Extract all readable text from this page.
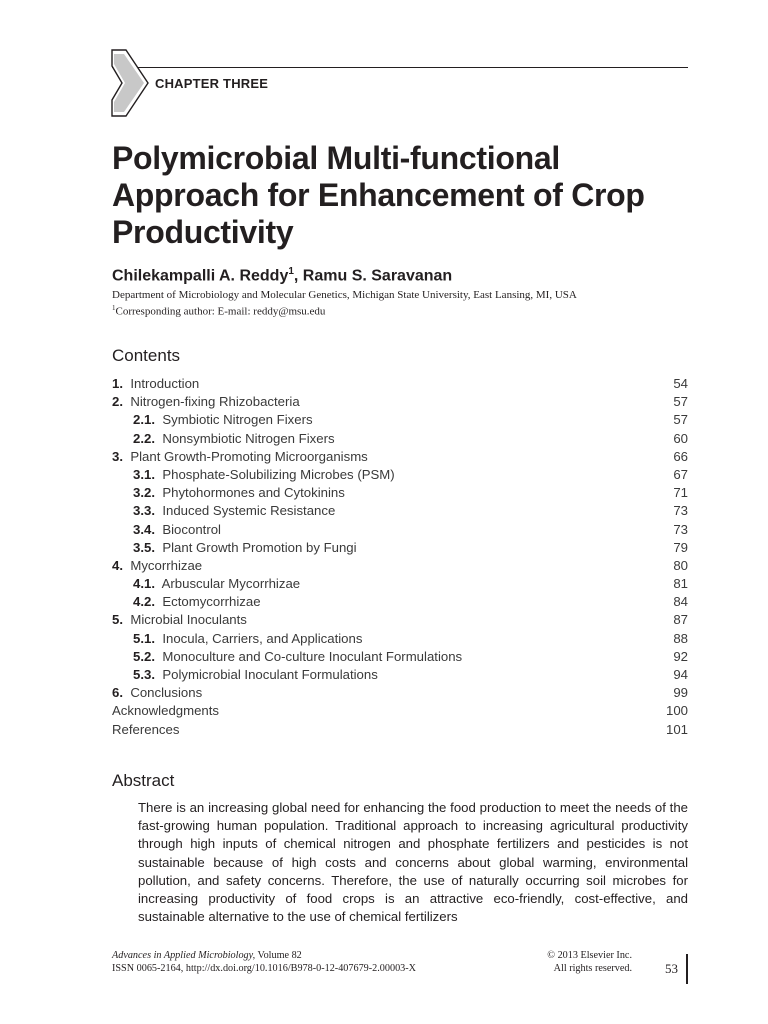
CHAPTER THREE
Polymicrobial Multi-functional Approach for Enhancement of Crop Productivity
Chilekampalli A. Reddy$^1$, Ramu S. Saravanan
Department of Microbiology and Molecular Genetics, Michigan State University, East Lansing, MI, USA
$^1$Corresponding author: E-mail: reddy@msu.edu
Contents
1. Introduction	54
2. Nitrogen-fixing Rhizobacteria	57
2.1. Symbiotic Nitrogen Fixers	57
2.2. Nonsymbiotic Nitrogen Fixers	60
3. Plant Growth-Promoting Microorganisms	66
3.1. Phosphate-Solubilizing Microbes (PSM)	67
3.2. Phytohormones and Cytokinins	71
3.3. Induced Systemic Resistance	73
3.4. Biocontrol	73
3.5. Plant Growth Promotion by Fungi	79
4. Mycorrhizae	80
4.1. Arbuscular Mycorrhizae	81
4.2. Ectomycorrhizae	84
5. Microbial Inoculants	87
5.1. Inocula, Carriers, and Applications	88
5.2. Monoculture and Co-culture Inoculant Formulations	92
5.3. Polymicrobial Inoculant Formulations	94
6. Conclusions	99
Acknowledgments	100
References	101
Abstract

There is an increasing global need for enhancing the food production to meet the needs of the fast-growing human population. Traditional approach to increasing agricultural productivity through high inputs of chemical nitrogen and phosphate fertilizers and pesticides is not sustainable because of high costs and concerns about global warming, environmental pollution, and safety concerns. Therefore, the use of naturally occurring soil microbes for increasing productivity of food crops is an attractive eco-friendly, cost-effective, and sustainable alternative to the use of chemical fertilizers

Advances in Applied Microbiology, Volume 82	© 2013 Elsevier Inc.
ISSN 0065-2164, http://dx.doi.org/10.1016/B978-0-12-407679-2.00003-X	All rights reserved.	53
